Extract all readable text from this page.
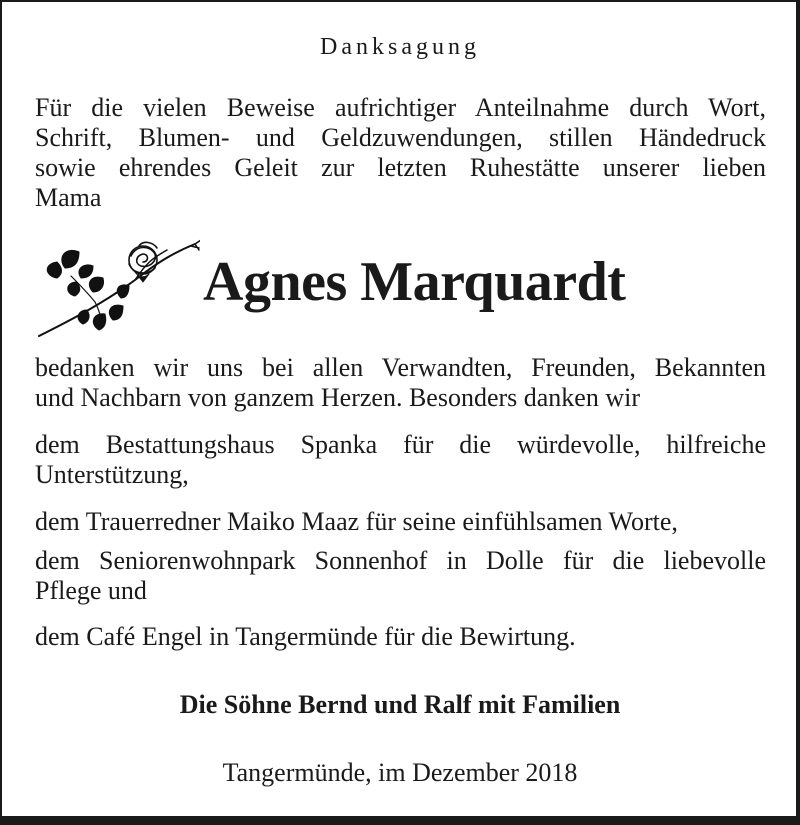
Danksagung
Für die vielen Beweise aufrichtiger Anteilnahme durch Wort,
Schrift, Blumen- und Geldzuwendungen, stillen Händedruck
sowie ehrendes Geleit zur letzten Ruhestätte unserer lieben
Mama
Agnes Marquardt
bedanken wir uns bei allen Verwandten, Freunden, Bekannten
und Nachbarn von ganzem Herzen. Besonders danken wir
dem Bestattungshaus Spanka für die würdevolle, hilfreiche
Unterstützung,
dem Trauerredner Maiko Maaz für seine einfühlsamen Worte,
dem Seniorenwohnpark Sonnenhof in Dolle für die liebevolle
Pflege und
dem Café Engel in Tangermünde für die Bewirtung.
Die Söhne Bernd und Ralf mit Familien
Tangermünde, im Dezember 2018
